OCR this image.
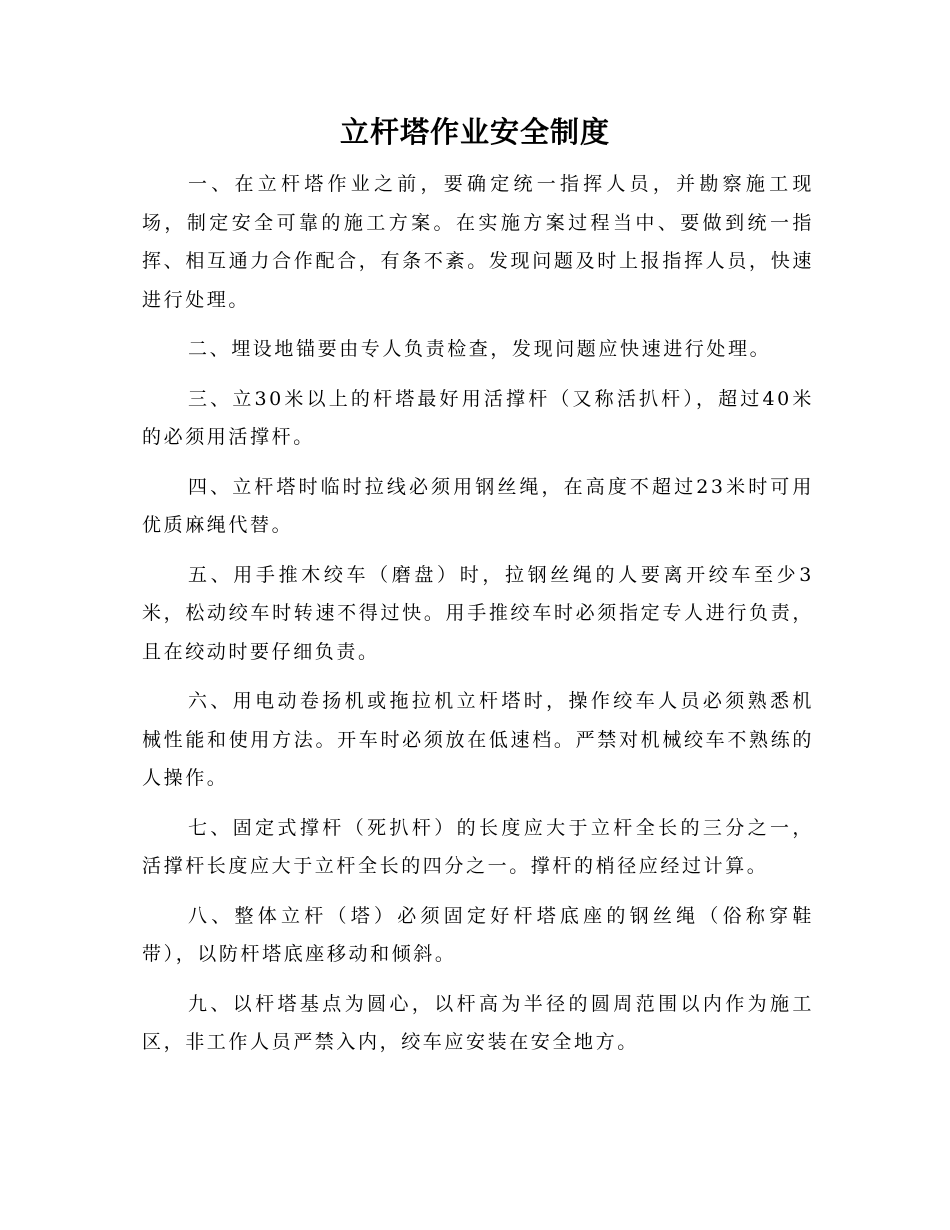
立杆塔作业安全制度

一、在立杆塔作业之前，要确定统一指挥人员，并勘察施工现场，制定安全可靠的施工方案。在实施方案过程当中、要做到统一指挥、相互通力合作配合，有条不紊。发现问题及时上报指挥人员，快速进行处理。

二、埋设地锚要由专人负责检查，发现问题应快速进行处理。

三、立30米以上的杆塔最好用活撑杆（又称活扒杆），超过40米的必须用活撑杆。

四、立杆塔时临时拉线必须用钢丝绳，在高度不超过23米时可用优质麻绳代替。

五、用手推木绞车（磨盘）时，拉钢丝绳的人要离开绞车至少3米，松动绞车时转速不得过快。用手推绞车时必须指定专人进行负责，且在绞动时要仔细负责。

六、用电动卷扬机或拖拉机立杆塔时，操作绞车人员必须熟悉机械性能和使用方法。开车时必须放在低速档。严禁对机械绞车不熟练的人操作。

七、固定式撑杆（死扒杆）的长度应大于立杆全长的三分之一，活撑杆长度应大于立杆全长的四分之一。撑杆的梢径应经过计算。

八、整体立杆（塔）必须固定好杆塔底座的钢丝绳（俗称穿鞋带），以防杆塔底座移动和倾斜。

九、以杆塔基点为圆心，以杆高为半径的圆周范围以内作为施工区，非工作人员严禁入内，绞车应安装在安全地方。
